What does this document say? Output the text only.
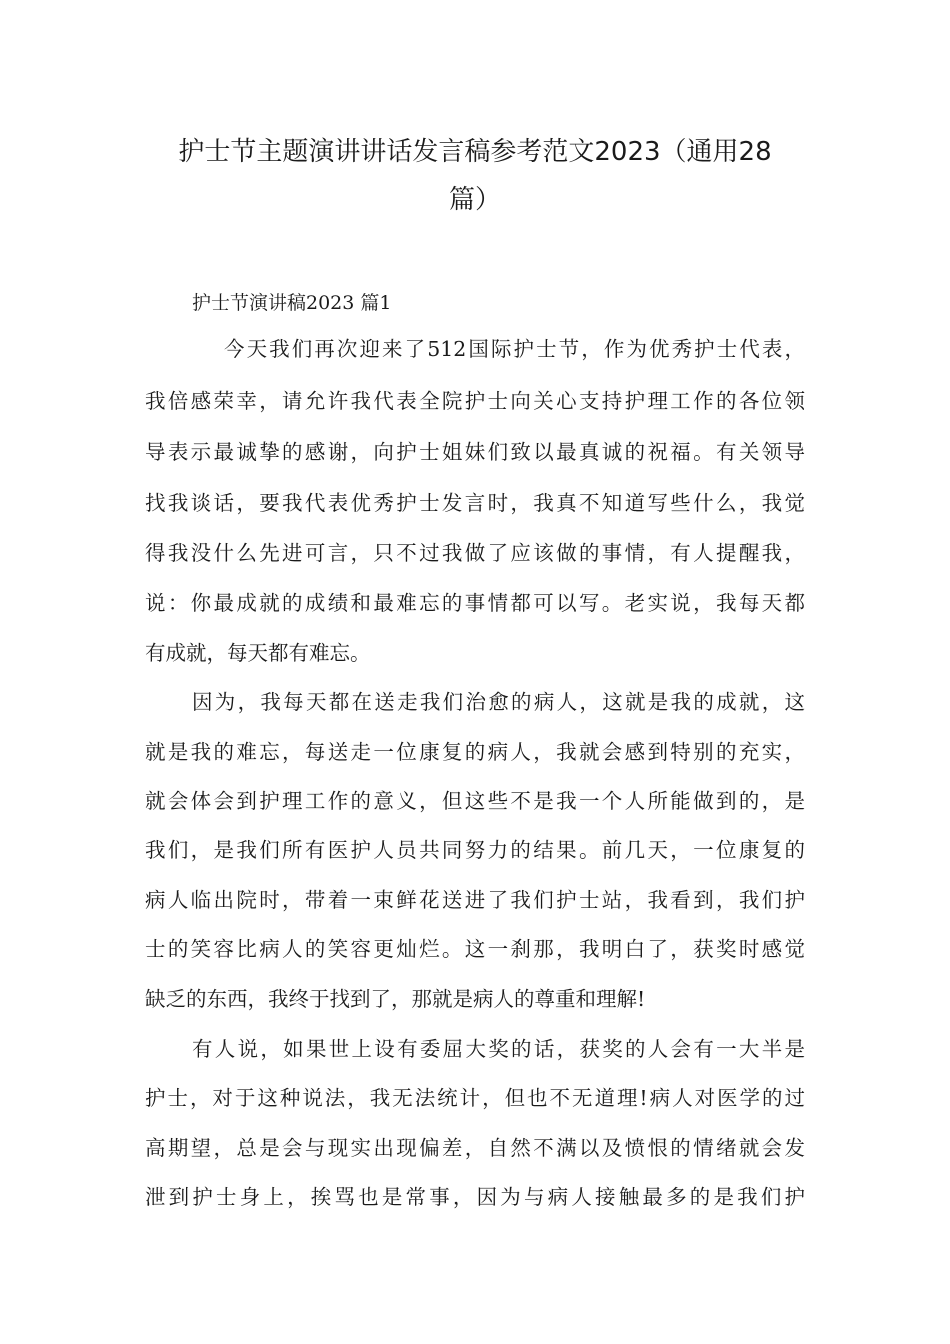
护士节主题演讲讲话发言稿参考范文2023（通用28
篇）
护士节演讲稿2023 篇1

今天我们再次迎来了512国际护士节，作为优秀护士代表，

我倍感荣幸，请允许我代表全院护士向关心支持护理工作的各位领

导表示最诚挚的感谢，向护士姐妹们致以最真诚的祝福。有关领导

找我谈话，要我代表优秀护士发言时，我真不知道写些什么，我觉

得我没什么先进可言，只不过我做了应该做的事情，有人提醒我，

说：你最成就的成绩和最难忘的事情都可以写。老实说，我每天都

有成就，每天都有难忘。

因为，我每天都在送走我们治愈的病人，这就是我的成就，这

就是我的难忘，每送走一位康复的病人，我就会感到特别的充实，

就会体会到护理工作的意义，但这些不是我一个人所能做到的，是

我们，是我们所有医护人员共同努力的结果。前几天，一位康复的

病人临出院时，带着一束鲜花送进了我们护士站，我看到，我们护

士的笑容比病人的笑容更灿烂。这一刹那，我明白了，获奖时感觉

缺乏的东西，我终于找到了，那就是病人的尊重和理解!

有人说，如果世上设有委屈大奖的话，获奖的人会有一大半是

护士，对于这种说法，我无法统计，但也不无道理!病人对医学的过

高期望，总是会与现实出现偏差，自然不满以及愤恨的情绪就会发

泄到护士身上，挨骂也是常事，因为与病人接触最多的是我们护
